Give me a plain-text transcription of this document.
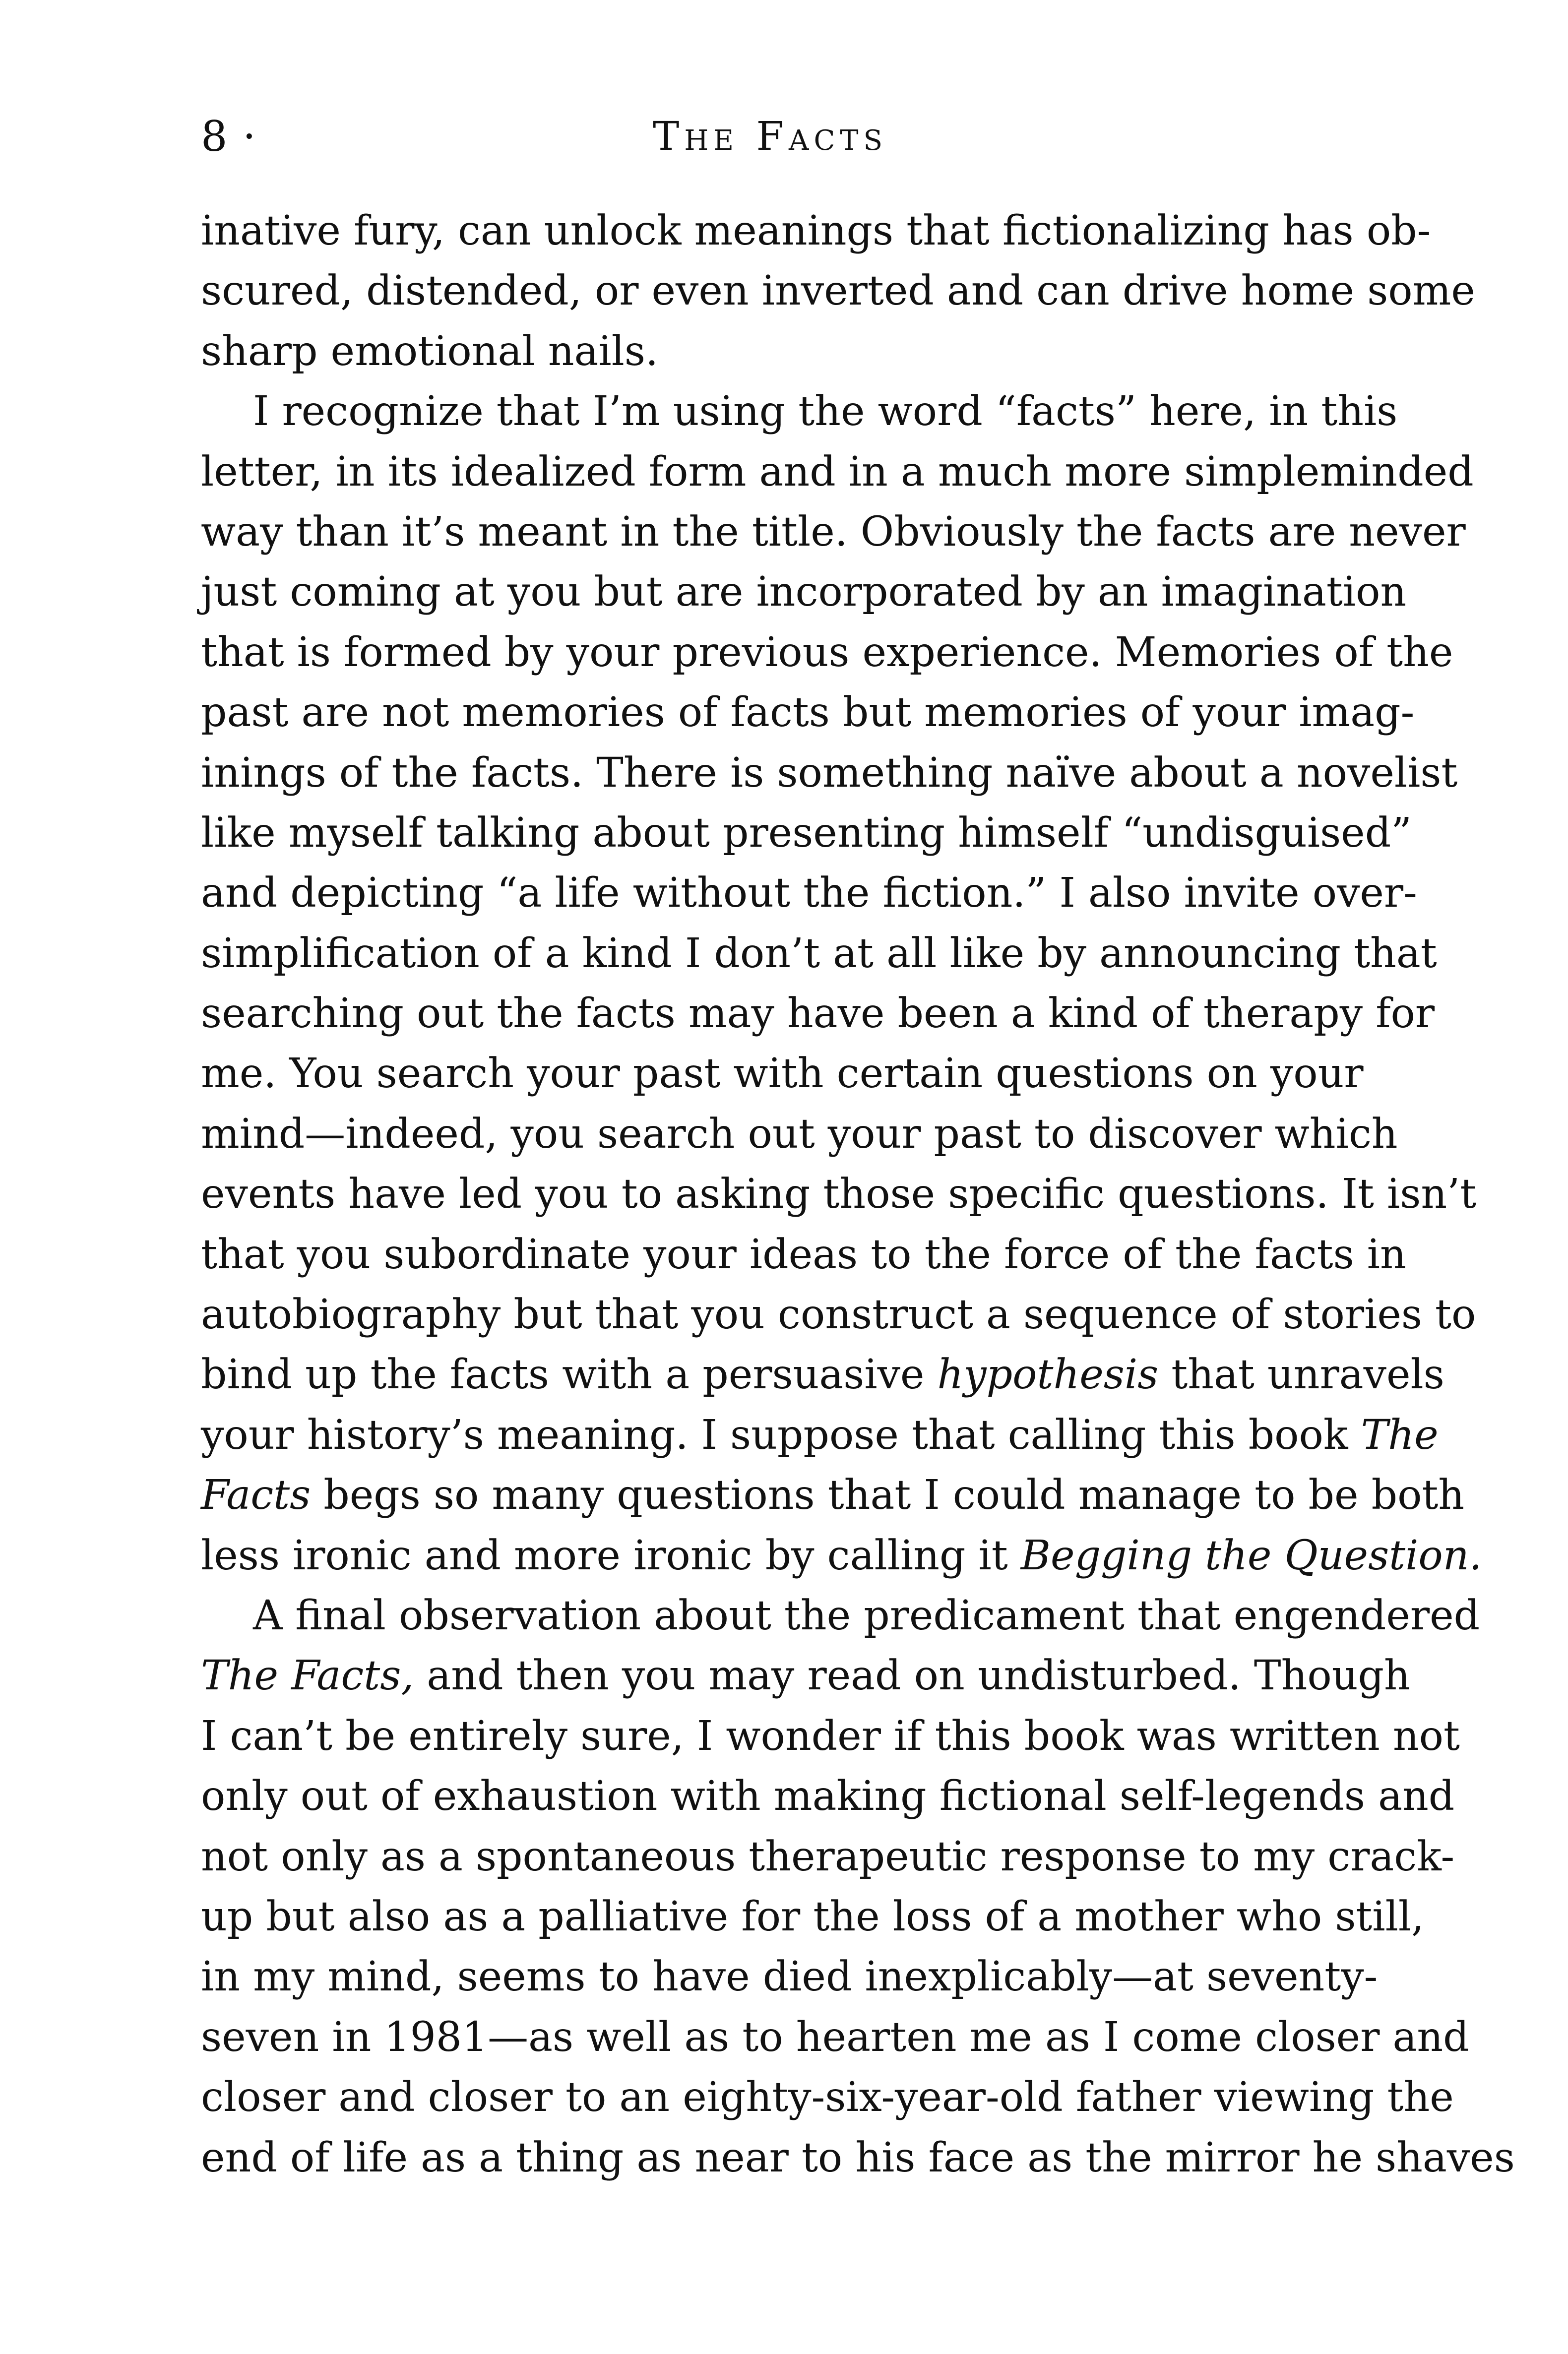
8 ·	The Facts
inative fury, can unlock meanings that fictionalizing has ob-
scured, distended, or even inverted and can drive home some
sharp emotional nails.
I recognize that I’m using the word “facts” here, in this
letter, in its idealized form and in a much more simpleminded
way than it’s meant in the title. Obviously the facts are never
just coming at you but are incorporated by an imagination
that is formed by your previous experience. Memories of the
past are not memories of facts but memories of your imag-
inings of the facts. There is something naïve about a novelist
like myself talking about presenting himself “undisguised”
and depicting “a life without the fiction.” I also invite over-
simplification of a kind I don’t at all like by announcing that
searching out the facts may have been a kind of therapy for
me. You search your past with certain questions on your
mind—indeed, you search out your past to discover which
events have led you to asking those specific questions. It isn’t
that you subordinate your ideas to the force of the facts in
autobiography but that you construct a sequence of stories to
bind up the facts with a persuasive hypothesis that unravels
your history’s meaning. I suppose that calling this book The
Facts begs so many questions that I could manage to be both
less ironic and more ironic by calling it Begging the Question.
A final observation about the predicament that engendered
The Facts, and then you may read on undisturbed. Though
I can’t be entirely sure, I wonder if this book was written not
only out of exhaustion with making fictional self-legends and
not only as a spontaneous therapeutic response to my crack-
up but also as a palliative for the loss of a mother who still,
in my mind, seems to have died inexplicably—at seventy-
seven in 1981—as well as to hearten me as I come closer and
closer and closer to an eighty-six-year-old father viewing the
end of life as a thing as near to his face as the mirror he shaves
